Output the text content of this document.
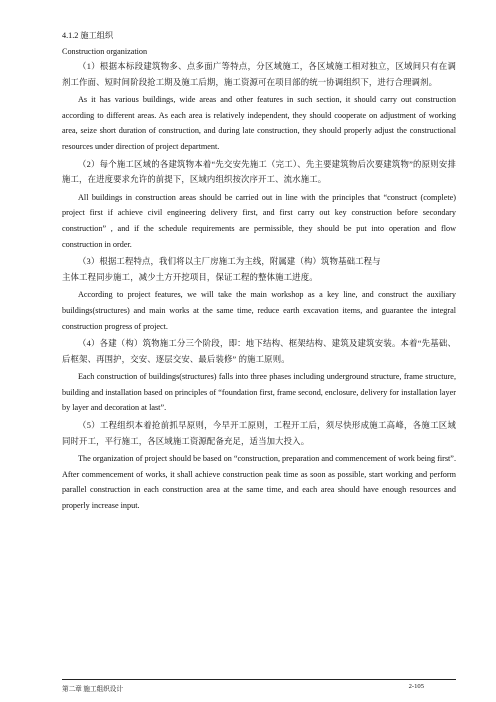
4.1.2 施工组织

Construction organization

（1）根据本标段建筑物多、点多面广等特点，分区域施工，各区域施工相对独立，区域间只有在调剂工作面、短时间阶段抢工期及施工后期，施工资源可在项目部的统一协调组织下，进行合理调剂。

As it has various buildings, wide areas and other features in such section, it should carry out construction according to different areas. As each area is relatively independent, they should cooperate on adjustment of working area, seize short duration of construction, and during late construction, they should properly adjust the constructional resources under direction of project department.

（2）每个施工区域的各建筑物本着“先交安先施工（完工）、先主要建筑物后次要建筑物”的原则安排施工，在进度要求允许的前提下，区域内组织按次序开工、流水施工。

All buildings in construction areas should be carried out in line with the principles that “construct (complete) project first if achieve civil engineering delivery first, and first carry out key construction before secondary construction” , and if the schedule requirements are permissible, they should be put into operation and flow construction in order.

（3）根据工程特点，我们将以主厂房施工为主线，附属建（构）筑物基础工程与

主体工程同步施工，减少土方开挖项目，保证工程的整体施工进度。

According to project features, we will take the main workshop as a key line, and construct the auxiliary buildings(structures) and main works at the same time, reduce earth excavation items, and guarantee the integral construction progress of project.

（4）各建（构）筑物施工分三个阶段，即：地下结构、框架结构、建筑及建筑安装。本着“先基础、后框架、再围护，交安、逐层交安、最后装修” 的施工原则。

Each construction of buildings(structures) falls into three phases including underground structure, frame structure, building and installation based on principles of “foundation first, frame second, enclosure, delivery for installation layer by layer and decoration at last”.

（5）工程组织本着抢前抓早原则，今早开工原则，工程开工后，须尽快形成施工高峰，各施工区域同时开工，平行施工，各区域施工资源配备充足，适当加大投入。

The organization of project should be based on “construction, preparation and commencement of work being first”. After commencement of works, it shall achieve construction peak time as soon as possible, start working and perform parallel construction in each construction area at the same time, and each area should have enough resources and properly increase input.

第二章 施工组织设计	2-105
